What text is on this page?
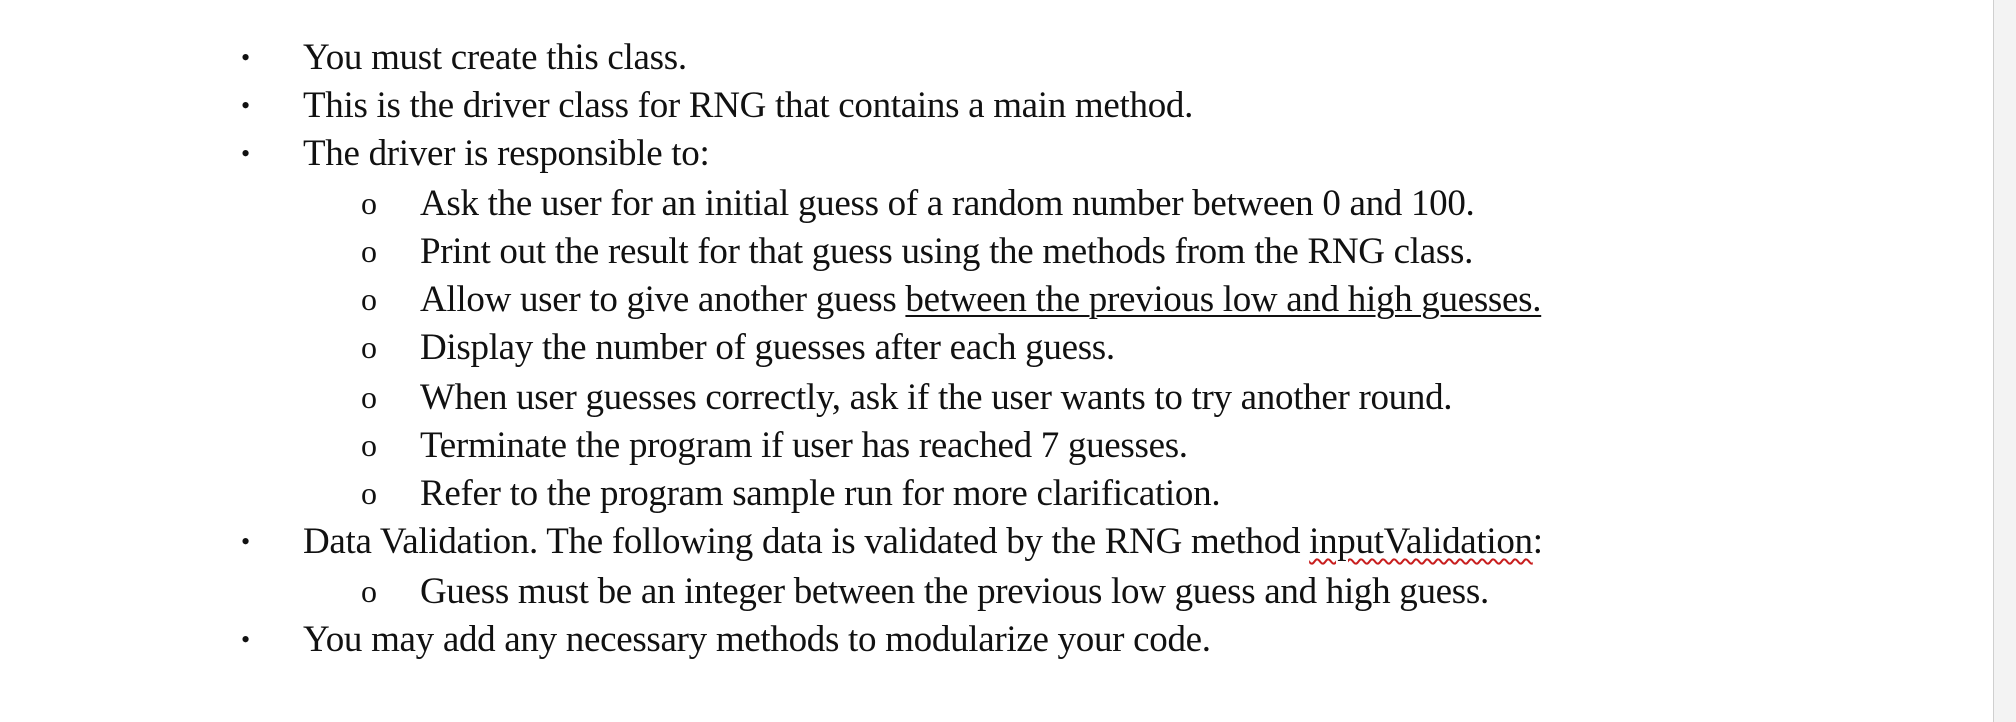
• You must create this class.
• This is the driver class for RNG that contains a main method.
• The driver is responsible to:
o Ask the user for an initial guess of a random number between 0 and 100.
o Print out the result for that guess using the methods from the RNG class.
o Allow user to give another guess between the previous low and high guesses.
o Display the number of guesses after each guess.
o When user guesses correctly, ask if the user wants to try another round.
o Terminate the program if user has reached 7 guesses.
o Refer to the program sample run for more clarification.
• Data Validation. The following data is validated by the RNG method inputValidation:
o Guess must be an integer between the previous low guess and high guess.
• You may add any necessary methods to modularize your code.
